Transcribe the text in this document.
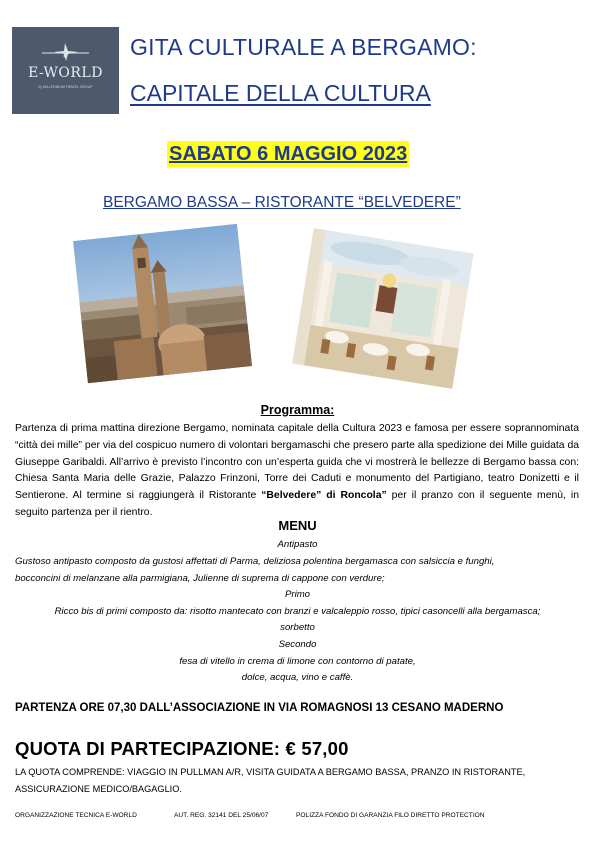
E-WORLD
by MILLENNIUM TRAVEL GROUP
GITA CULTURALE A BERGAMO:
CAPITALE DELLA CULTURA
SABATO 6 MAGGIO 2023
BERGAMO BASSA – RISTORANTE “BELVEDERE”
Programma:
Partenza di prima mattina direzione Bergamo, nominata capitale della Cultura 2023 e famosa per essere soprannominata “città dei mille” per via del cospicuo numero di volontari bergamaschi che presero parte alla spedizione dei Mille guidata da Giuseppe Garibaldi. All’arrivo è previsto l’incontro con un’esperta guida che vi mostrerà le bellezze di Bergamo bassa con: Chiesa Santa Maria delle Grazie, Palazzo Frinzoni, Torre dei Caduti e monumento del Partigiano, teatro Donizetti e il Sentierone. Al termine si raggiungerà il Ristorante “Belvedere” di Roncola” per il pranzo con il seguente menù, in seguito partenza per il rientro.
MENU
Antipasto
Gustoso antipasto composto da gustosi affettati di Parma, deliziosa polentina bergamasca con salsiccia e funghi,
bocconcini di melanzane alla parmigiana, Julienne di suprema di cappone con verdure;
Primo
Ricco bis di primi composto da: risotto mantecato con branzi e valcaleppio rosso, tipici casoncelli alla bergamasca;
sorbetto
Secondo
fesa di vitello in crema di limone con contorno di patate,
dolce, acqua, vino e caffè.
PARTENZA ORE 07,30 DALL’ASSOCIAZIONE IN VIA ROMAGNOSI 13 CESANO MADERNO
QUOTA DI PARTECIPAZIONE: € 57,00
LA QUOTA COMPRENDE: VIAGGIO IN PULLMAN A/R, VISITA GUIDATA A BERGAMO BASSA, PRANZO IN RISTORANTE, ASSICURAZIONE MEDICO/BAGAGLIO.
ORGANIZZAZIONE TECNICA E-WORLD	AUT. REG. 32141 DEL 25/06/07	POLIZZA FONDO DI GARANZIA FILO DIRETTO PROTECTION
